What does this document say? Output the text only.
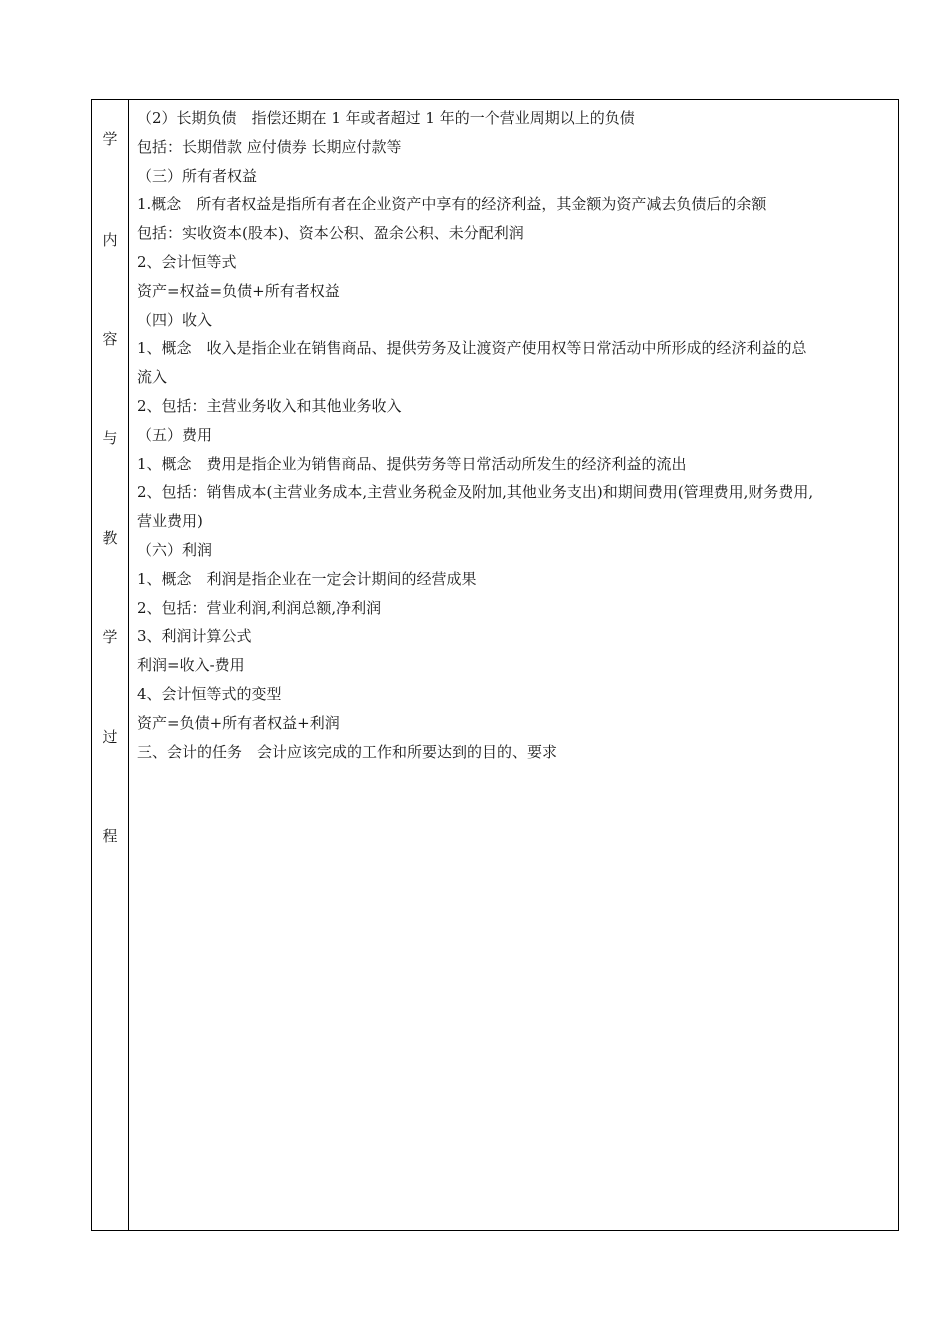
学
内
容
与
教
学
过
程
（2）长期负债　指偿还期在 1 年或者超过 1 年的一个营业周期以上的负债
包括：长期借款 应付债券 长期应付款等
（三）所有者权益
1.概念　所有者权益是指所有者在企业资产中享有的经济利益，其金额为资产减去负债后的余额
包括：实收资本(股本)、资本公积、盈余公积、未分配利润
2、会计恒等式
资产=权益=负债+所有者权益
（四）收入
1、概念　收入是指企业在销售商品、提供劳务及让渡资产使用权等日常活动中所形成的经济利益的总
流入
2、包括：主营业务收入和其他业务收入
（五）费用
1、概念　费用是指企业为销售商品、提供劳务等日常活动所发生的经济利益的流出
2、包括：销售成本(主营业务成本,主营业务税金及附加,其他业务支出)和期间费用(管理费用,财务费用,
营业费用)
（六）利润
1、概念　利润是指企业在一定会计期间的经营成果
2、包括：营业利润,利润总额,净利润
3、利润计算公式
利润=收入-费用
4、会计恒等式的变型
资产=负债+所有者权益+利润
三、会计的任务　会计应该完成的工作和所要达到的目的、要求
